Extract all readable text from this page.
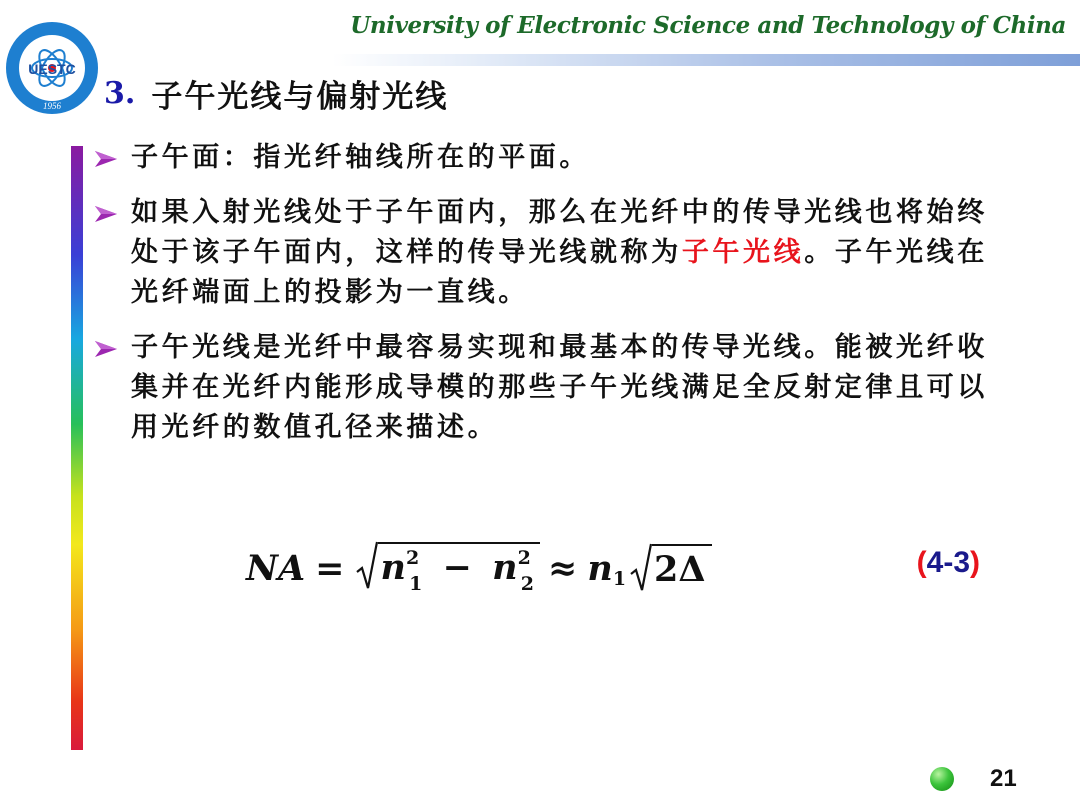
UESTC
1956
University of Electronic Science and Technology of China
3. 子午光线与偏射光线

子午面：指光纤轴线所在的平面。

如果入射光线处于子午面内，那么在光纤中的传导光线也将始终处于该子午面内，这样的传导光线就称为子午光线。子午光线在光纤端面上的投影为一直线。

子午光线是光纤中最容易实现和最基本的传导光线。能被光纤收集并在光纤内能形成导模的那些子午光线满足全反射定律且可以用光纤的数值孔径来描述。

NA = $n^2_1 - n^2_2 \approx n$ 1 2Δ	(4-3)
21
